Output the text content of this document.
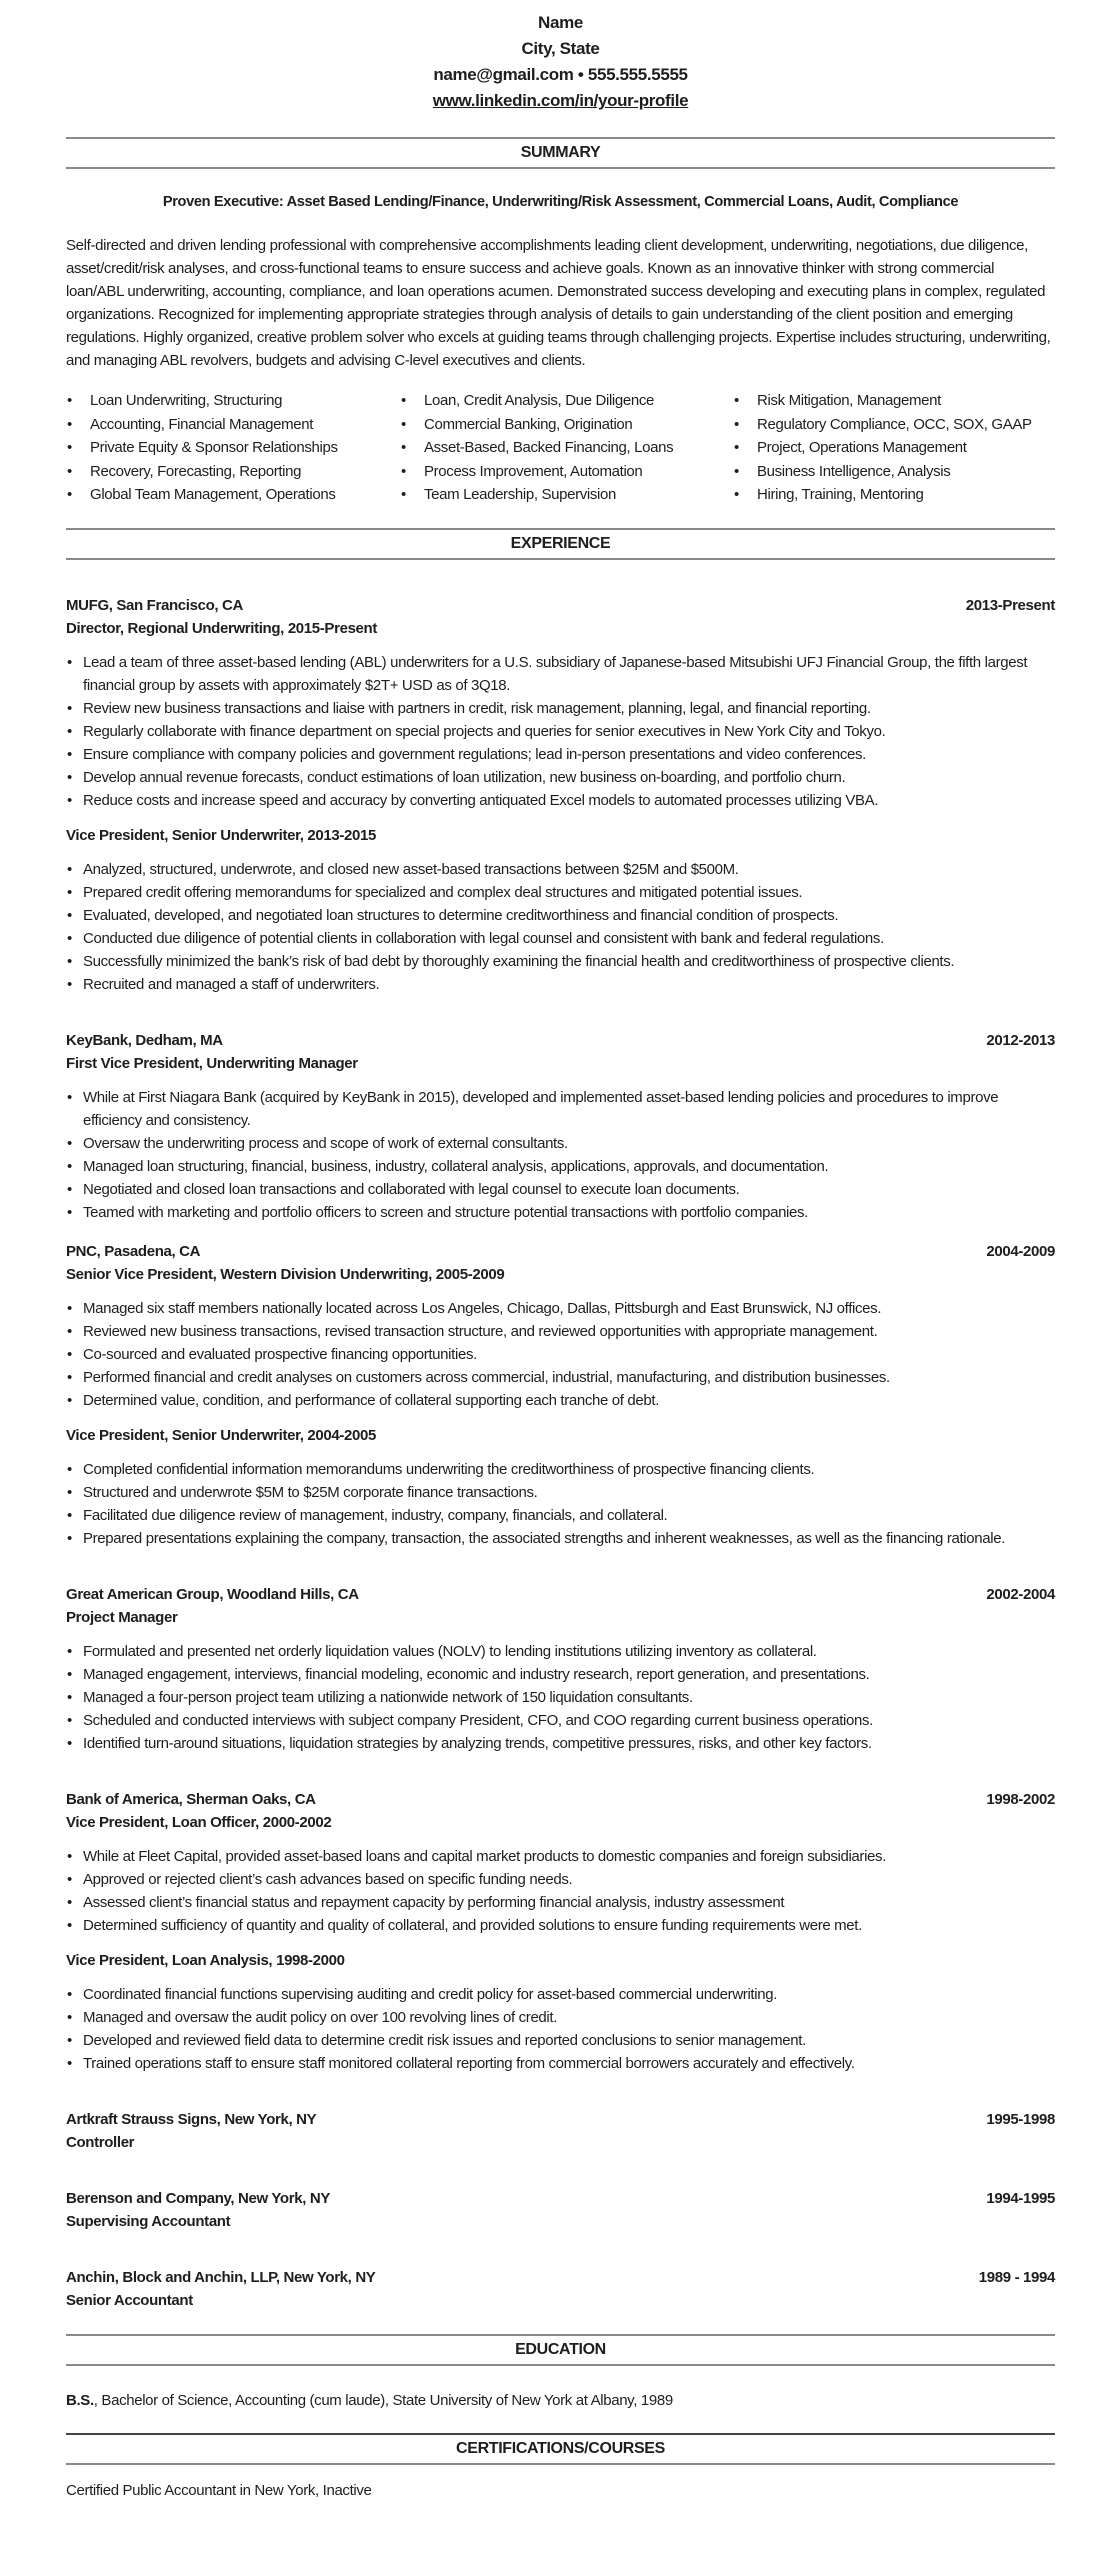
Name
City, State
name@gmail.com • 555.555.5555
www.linkedin.com/in/your-profile
SUMMARY
Proven Executive: Asset Based Lending/Finance, Underwriting/Risk Assessment, Commercial Loans, Audit, Compliance
Self-directed and driven lending professional with comprehensive accomplishments leading client development, underwriting, negotiations, due diligence, asset/credit/risk analyses, and cross-functional teams to ensure success and achieve goals. Known as an innovative thinker with strong commercial loan/ABL underwriting, accounting, compliance, and loan operations acumen. Demonstrated success developing and executing plans in complex, regulated organizations. Recognized for implementing appropriate strategies through analysis of details to gain understanding of the client position and emerging regulations. Highly organized, creative problem solver who excels at guiding teams through challenging projects. Expertise includes structuring, underwriting, and managing ABL revolvers, budgets and advising C-level executives and clients.
• Loan Underwriting, Structuring
• Accounting, Financial Management
• Private Equity & Sponsor Relationships
• Recovery, Forecasting, Reporting
• Global Team Management, Operations
• Loan, Credit Analysis, Due Diligence
• Commercial Banking, Origination
• Asset-Based, Backed Financing, Loans
• Process Improvement, Automation
• Team Leadership, Supervision
• Risk Mitigation, Management
• Regulatory Compliance, OCC, SOX, GAAP
• Project, Operations Management
• Business Intelligence, Analysis
• Hiring, Training, Mentoring
EXPERIENCE
MUFG, San Francisco, CA	2013-Present
Director, Regional Underwriting, 2015-Present
• Lead a team of three asset-based lending (ABL) underwriters for a U.S. subsidiary of Japanese-based Mitsubishi UFJ Financial Group, the fifth largest financial group by assets with approximately $2T+ USD as of 3Q18.
• Review new business transactions and liaise with partners in credit, risk management, planning, legal, and financial reporting.
• Regularly collaborate with finance department on special projects and queries for senior executives in New York City and Tokyo.
• Ensure compliance with company policies and government regulations; lead in-person presentations and video conferences.
• Develop annual revenue forecasts, conduct estimations of loan utilization, new business on-boarding, and portfolio churn.
• Reduce costs and increase speed and accuracy by converting antiquated Excel models to automated processes utilizing VBA.
Vice President, Senior Underwriter, 2013-2015
• Analyzed, structured, underwrote, and closed new asset-based transactions between $25M and $500M.
• Prepared credit offering memorandums for specialized and complex deal structures and mitigated potential issues.
• Evaluated, developed, and negotiated loan structures to determine creditworthiness and financial condition of prospects.
• Conducted due diligence of potential clients in collaboration with legal counsel and consistent with bank and federal regulations.
• Successfully minimized the bank’s risk of bad debt by thoroughly examining the financial health and creditworthiness of prospective clients.
• Recruited and managed a staff of underwriters.
KeyBank, Dedham, MA	2012-2013
First Vice President, Underwriting Manager
• While at First Niagara Bank (acquired by KeyBank in 2015), developed and implemented asset-based lending policies and procedures to improve efficiency and consistency.
• Oversaw the underwriting process and scope of work of external consultants.
• Managed loan structuring, financial, business, industry, collateral analysis, applications, approvals, and documentation.
• Negotiated and closed loan transactions and collaborated with legal counsel to execute loan documents.
• Teamed with marketing and portfolio officers to screen and structure potential transactions with portfolio companies.
PNC, Pasadena, CA	2004-2009
Senior Vice President, Western Division Underwriting, 2005-2009
• Managed six staff members nationally located across Los Angeles, Chicago, Dallas, Pittsburgh and East Brunswick, NJ offices.
• Reviewed new business transactions, revised transaction structure, and reviewed opportunities with appropriate management.
• Co-sourced and evaluated prospective financing opportunities.
• Performed financial and credit analyses on customers across commercial, industrial, manufacturing, and distribution businesses.
• Determined value, condition, and performance of collateral supporting each tranche of debt.
Vice President, Senior Underwriter, 2004-2005
• Completed confidential information memorandums underwriting the creditworthiness of prospective financing clients.
• Structured and underwrote $5M to $25M corporate finance transactions.
• Facilitated due diligence review of management, industry, company, financials, and collateral.
• Prepared presentations explaining the company, transaction, the associated strengths and inherent weaknesses, as well as the financing rationale.
Great American Group, Woodland Hills, CA	2002-2004
Project Manager
• Formulated and presented net orderly liquidation values (NOLV) to lending institutions utilizing inventory as collateral.
• Managed engagement, interviews, financial modeling, economic and industry research, report generation, and presentations.
• Managed a four-person project team utilizing a nationwide network of 150 liquidation consultants.
• Scheduled and conducted interviews with subject company President, CFO, and COO regarding current business operations.
• Identified turn-around situations, liquidation strategies by analyzing trends, competitive pressures, risks, and other key factors.
Bank of America, Sherman Oaks, CA	1998-2002
Vice President, Loan Officer, 2000-2002
• While at Fleet Capital, provided asset-based loans and capital market products to domestic companies and foreign subsidiaries.
• Approved or rejected client’s cash advances based on specific funding needs.
• Assessed client’s financial status and repayment capacity by performing financial analysis, industry assessment
• Determined sufficiency of quantity and quality of collateral, and provided solutions to ensure funding requirements were met.
Vice President, Loan Analysis, 1998-2000
• Coordinated financial functions supervising auditing and credit policy for asset-based commercial underwriting.
• Managed and oversaw the audit policy on over 100 revolving lines of credit.
• Developed and reviewed field data to determine credit risk issues and reported conclusions to senior management.
• Trained operations staff to ensure staff monitored collateral reporting from commercial borrowers accurately and effectively.
Artkraft Strauss Signs, New York, NY	1995-1998
Controller
Berenson and Company, New York, NY	1994-1995
Supervising Accountant
Anchin, Block and Anchin, LLP, New York, NY	1989 - 1994
Senior Accountant
EDUCATION
B.S., Bachelor of Science, Accounting (cum laude), State University of New York at Albany, 1989
CERTIFICATIONS/COURSES
Certified Public Accountant in New York, Inactive
